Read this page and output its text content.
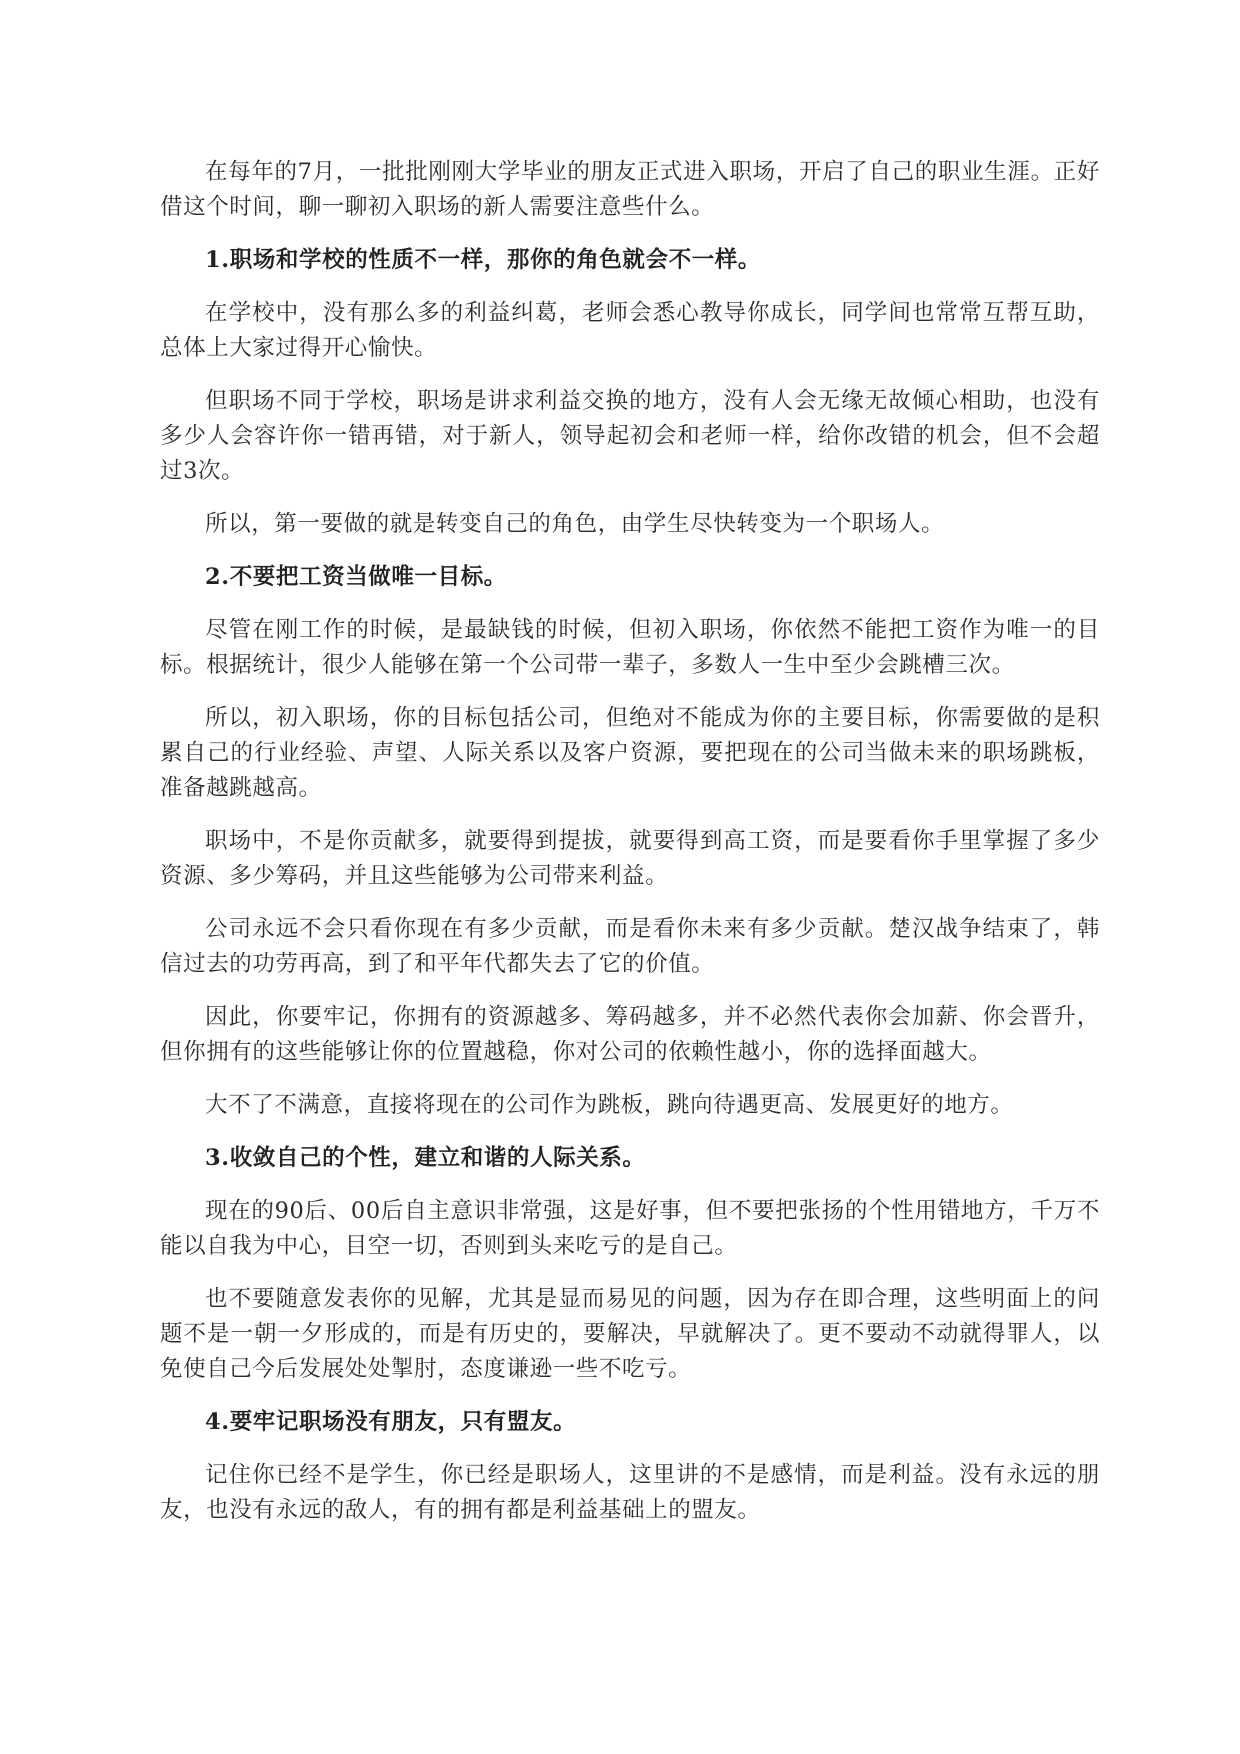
在每年的7月，一批批刚刚大学毕业的朋友正式进入职场，开启了自己的职业生涯。正好借这个时间，聊一聊初入职场的新人需要注意些什么。

1.职场和学校的性质不一样，那你的角色就会不一样。

在学校中，没有那么多的利益纠葛，老师会悉心教导你成长，同学间也常常互帮互助，总体上大家过得开心愉快。

但职场不同于学校，职场是讲求利益交换的地方，没有人会无缘无故倾心相助，也没有多少人会容许你一错再错，对于新人，领导起初会和老师一样，给你改错的机会，但不会超过3次。

所以，第一要做的就是转变自己的角色，由学生尽快转变为一个职场人。

2.不要把工资当做唯一目标。

尽管在刚工作的时候，是最缺钱的时候，但初入职场，你依然不能把工资作为唯一的目标。根据统计，很少人能够在第一个公司带一辈子，多数人一生中至少会跳槽三次。

所以，初入职场，你的目标包括公司，但绝对不能成为你的主要目标，你需要做的是积累自己的行业经验、声望、人际关系以及客户资源，要把现在的公司当做未来的职场跳板，准备越跳越高。

职场中，不是你贡献多，就要得到提拔，就要得到高工资，而是要看你手里掌握了多少资源、多少筹码，并且这些能够为公司带来利益。

公司永远不会只看你现在有多少贡献，而是看你未来有多少贡献。楚汉战争结束了，韩信过去的功劳再高，到了和平年代都失去了它的价值。

因此，你要牢记，你拥有的资源越多、筹码越多，并不必然代表你会加薪、你会晋升，但你拥有的这些能够让你的位置越稳，你对公司的依赖性越小，你的选择面越大。

大不了不满意，直接将现在的公司作为跳板，跳向待遇更高、发展更好的地方。

3.收敛自己的个性，建立和谐的人际关系。

现在的90后、00后自主意识非常强，这是好事，但不要把张扬的个性用错地方，千万不能以自我为中心，目空一切，否则到头来吃亏的是自己。

也不要随意发表你的见解，尤其是显而易见的问题，因为存在即合理，这些明面上的问题不是一朝一夕形成的，而是有历史的，要解决，早就解决了。更不要动不动就得罪人，以免使自己今后发展处处掣肘，态度谦逊一些不吃亏。

4.要牢记职场没有朋友，只有盟友。

记住你已经不是学生，你已经是职场人，这里讲的不是感情，而是利益。没有永远的朋友，也没有永远的敌人，有的拥有都是利益基础上的盟友。
